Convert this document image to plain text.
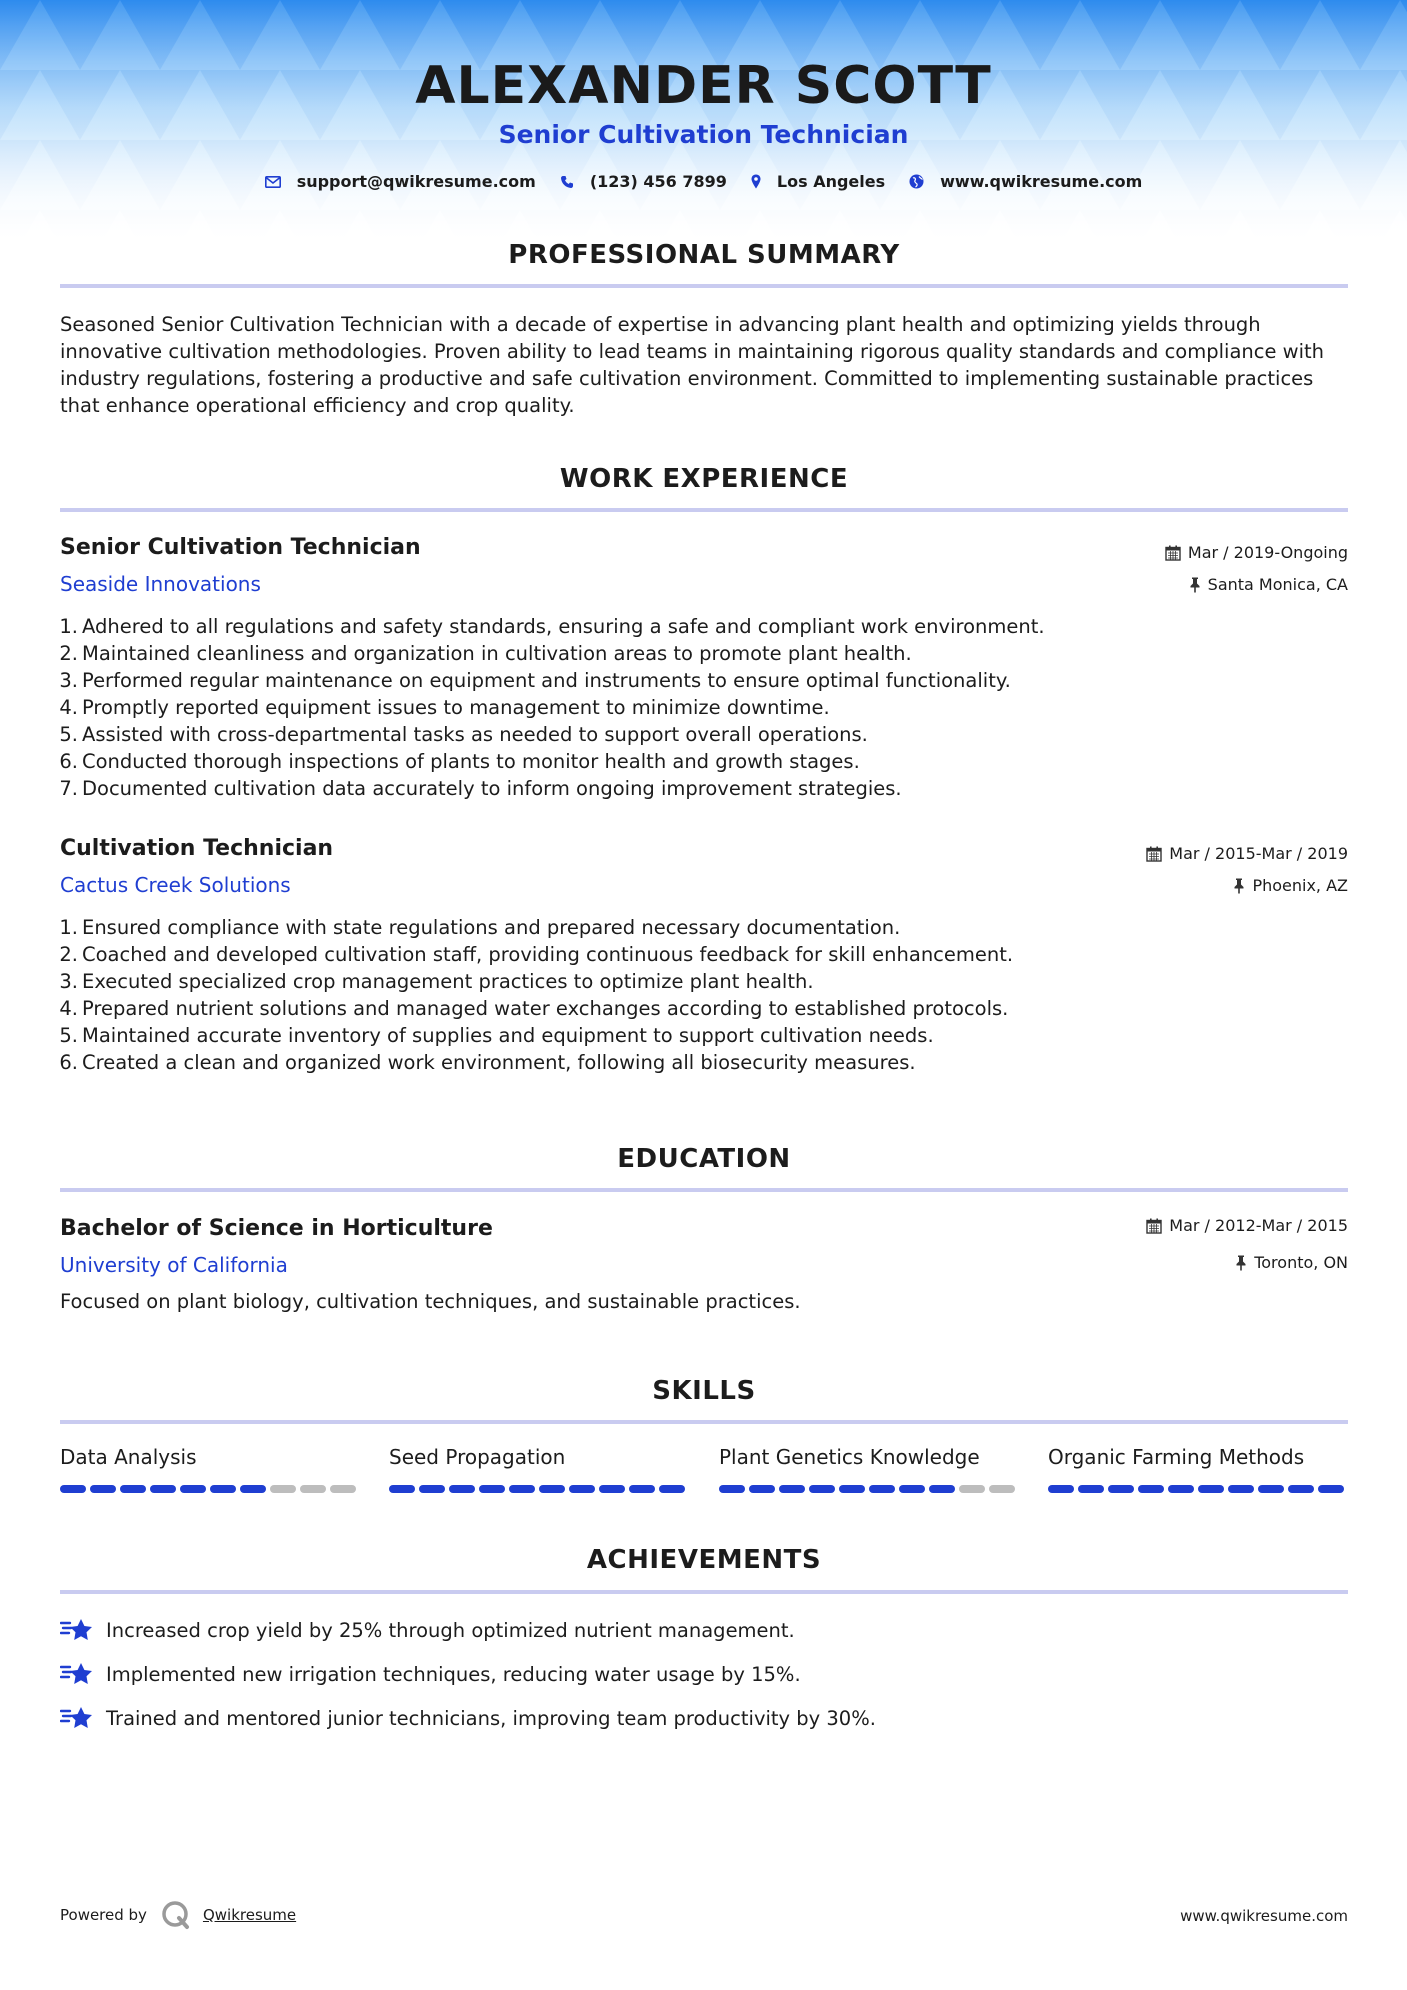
ALEXANDER SCOTT
Senior Cultivation Technician
support@qwikresume.com	(123) 456 7899	Los Angeles	www.qwikresume.com
PROFESSIONAL SUMMARY
Seasoned Senior Cultivation Technician with a decade of expertise in advancing plant health and optimizing yields through innovative cultivation methodologies. Proven ability to lead teams in maintaining rigorous quality standards and compliance with industry regulations, fostering a productive and safe cultivation environment. Committed to implementing sustainable practices that enhance operational efficiency and crop quality.
WORK EXPERIENCE
Senior Cultivation Technician
Seaside Innovations
Mar / 2019-Ongoing
Santa Monica, CA
1. Adhered to all regulations and safety standards, ensuring a safe and compliant work environment.
2. Maintained cleanliness and organization in cultivation areas to promote plant health.
3. Performed regular maintenance on equipment and instruments to ensure optimal functionality.
4. Promptly reported equipment issues to management to minimize downtime.
5. Assisted with cross-departmental tasks as needed to support overall operations.
6. Conducted thorough inspections of plants to monitor health and growth stages.
7. Documented cultivation data accurately to inform ongoing improvement strategies.
Cultivation Technician
Cactus Creek Solutions
Mar / 2015-Mar / 2019
Phoenix, AZ
1. Ensured compliance with state regulations and prepared necessary documentation.
2. Coached and developed cultivation staff, providing continuous feedback for skill enhancement.
3. Executed specialized crop management practices to optimize plant health.
4. Prepared nutrient solutions and managed water exchanges according to established protocols.
5. Maintained accurate inventory of supplies and equipment to support cultivation needs.
6. Created a clean and organized work environment, following all biosecurity measures.
EDUCATION
Bachelor of Science in Horticulture
University of California
Mar / 2012-Mar / 2015
Toronto, ON
Focused on plant biology, cultivation techniques, and sustainable practices.
SKILLS
Data Analysis	Seed Propagation	Plant Genetics Knowledge	Organic Farming Methods
ACHIEVEMENTS
Increased crop yield by 25% through optimized nutrient management.
Implemented new irrigation techniques, reducing water usage by 15%.
Trained and mentored junior technicians, improving team productivity by 30%.
Powered by	Qwikresume	www.qwikresume.com
